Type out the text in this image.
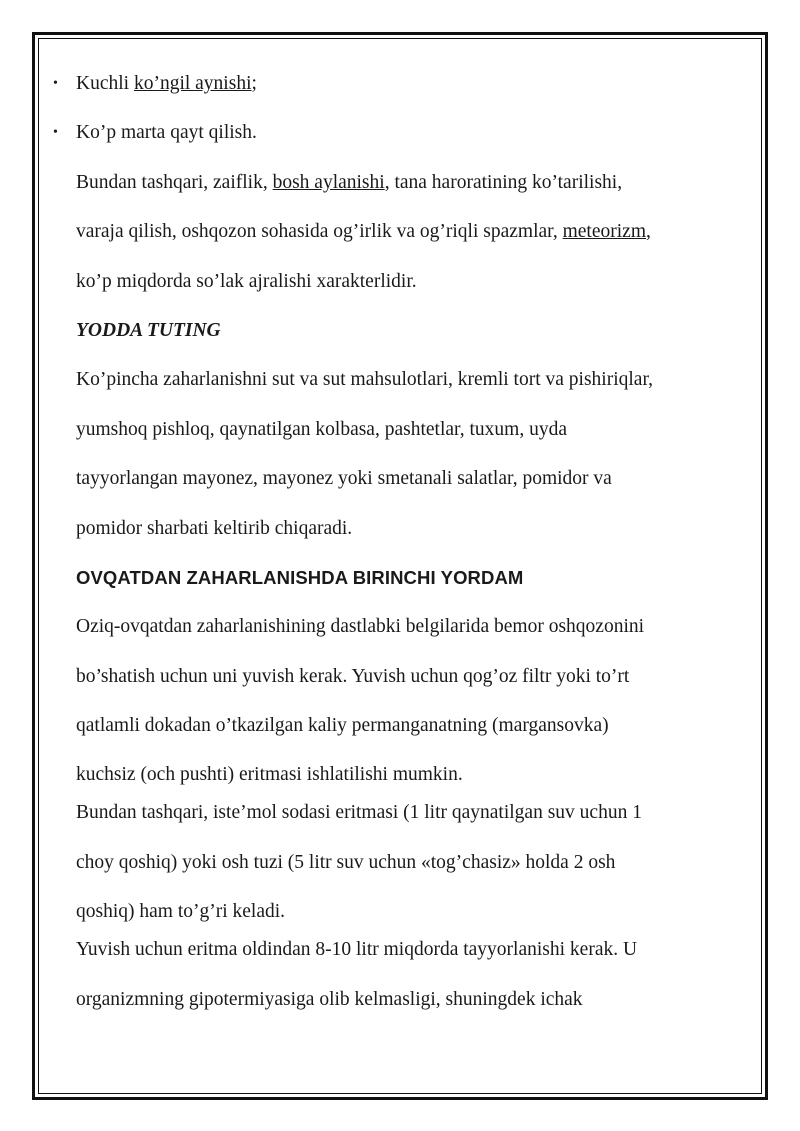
• Kuchli ko’ngil aynishi;
• Ko’p marta qayt qilish.
Bundan tashqari, zaiflik, bosh aylanishi, tana haroratining ko’tarilishi,
varaja qilish, oshqozon sohasida og’irlik va og’riqli spazmlar, meteorizm,
ko’p miqdorda so’lak ajralishi xarakterlidir.
YODDA TUTING
Ko’pincha zaharlanishni sut va sut mahsulotlari, kremli tort va pishiriqlar,
yumshoq pishloq, qaynatilgan kolbasa, pashtetlar, tuxum, uyda
tayyorlangan mayonez, mayonez yoki smetanali salatlar, pomidor va
pomidor sharbati keltirib chiqaradi.
OVQATDAN ZAHARLANISHDA BIRINCHI YORDAM
Oziq-ovqatdan zaharlanishining dastlabki belgilarida bemor oshqozonini
bo’shatish uchun uni yuvish kerak. Yuvish uchun qog’oz filtr yoki to’rt
qatlamli dokadan o’tkazilgan kaliy permanganatning (margansovka)
kuchsiz (och pushti) eritmasi ishlatilishi mumkin.
Bundan tashqari, iste’mol sodasi eritmasi (1 litr qaynatilgan suv uchun 1
choy qoshiq) yoki osh tuzi (5 litr suv uchun «tog’chasiz» holda 2 osh
qoshiq) ham to’g’ri keladi.
Yuvish uchun eritma oldindan 8-10 litr miqdorda tayyorlanishi kerak. U
organizmning gipotermiyasiga olib kelmasligi, shuningdek ichak
